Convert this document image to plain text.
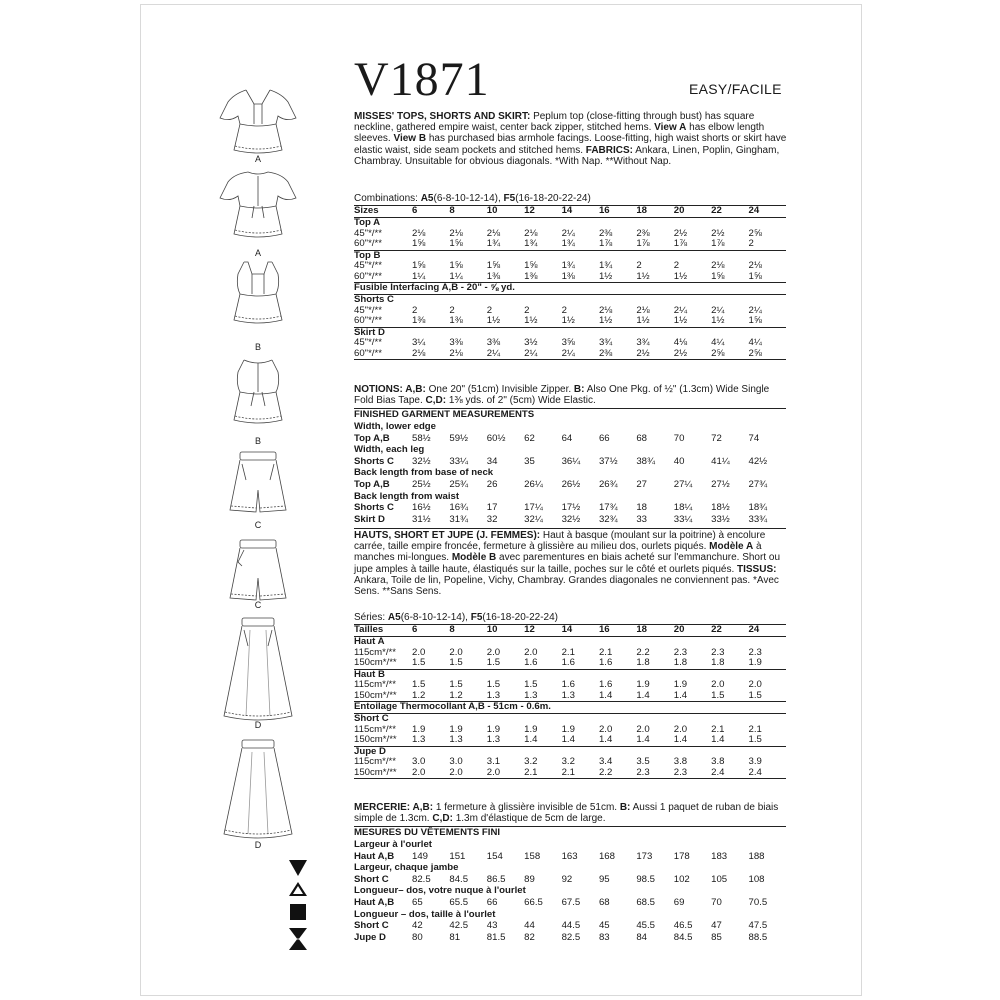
V1871	EASY/FACILE
A
A
B
B
C
C
D
D
MISSES' TOPS, SHORTS AND SKIRT: Peplum top (close-fitting through bust) has square neckline, gathered empire waist, center back zipper, stitched hems. View A has elbow length sleeves. View B has purchased bias armhole facings. Loose-fitting, high waist shorts or skirt have elastic waist, side seam pockets and stitched hems. FABRICS: Ankara, Linen, Poplin, Gingham, Chambray. Unsuitable for obvious diagonals. *With Nap. **Without Nap.
Combinations: A5(6-8-10-12-14), F5(16-18-20-22-24)
Sizes	6	8	10	12	14	16	18	20	22	24
Top A										
45"*/**	2⅛	2⅛	2⅛	2⅛	2¼	2⅜	2⅜	2½	2½	2⅝
60"*/**	1⅝	1⅝	1¾	1¾	1¾	1⅞	1⅞	1⅞	1⅞	2
Top B										
45"*/**	1⅝	1⅝	1⅝	1⅝	1¾	1¾	2	2	2⅛	2⅛
60"*/**	1¼	1¼	1⅜	1⅜	1⅜	1½	1½	1½	1⅝	1⅝
Fusible Interfacing A,B - 20" - ⅝ yd.										
Shorts C										
45"*/**	2	2	2	2	2	2⅛	2⅛	2¼	2¼	2¼
60"*/**	1⅜	1⅜	1½	1½	1½	1½	1½	1½	1½	1⅝
Skirt D										
45"*/**	3¼	3⅜	3⅜	3½	3⅝	3¾	3¾	4⅛	4¼	4¼
60"*/**	2⅛	2⅛	2¼	2¼	2¼	2⅜	2½	2½	2⅝	2⅝
NOTIONS: A,B: One 20" (51cm) Invisible Zipper. B: Also One Pkg. of ½" (1.3cm) Wide Single Fold Bias Tape. C,D: 1⅜ yds. of 2" (5cm) Wide Elastic.
FINISHED GARMENT MEASUREMENTS
Width, lower edge										
Top A,B	58½	59½	60½	62	64	66	68	70	72	74
Width, each leg										
Shorts C	32½	33¼	34	35	36¼	37½	38¾	40	41¼	42½
Back length from base of neck										
Top A,B	25½	25¾	26	26¼	26½	26¾	27	27¼	27½	27¾
Back length from waist										
Shorts C	16½	16¾	17	17¼	17½	17¾	18	18¼	18½	18¾
Skirt D	31½	31¾	32	32¼	32½	32¾	33	33¼	33½	33¾
HAUTS, SHORT ET JUPE (J. FEMMES): Haut à basque (moulant sur la poitrine) à encolure carrée, taille empire froncée, fermeture à glissière au milieu dos, ourlets piqués. Modèle A à manches mi-longues. Modèle B avec parementures en biais acheté sur l'emmanchure. Short ou jupe amples à taille haute, élastiqués sur la taille, poches sur le côté et ourlets piqués. TISSUS: Ankara, Toile de lin, Popeline, Vichy, Chambray. Grandes diagonales ne conviennent pas. *Avec Sens. **Sans Sens.
Séries: A5(6-8-10-12-14), F5(16-18-20-22-24)
Tailles	6	8	10	12	14	16	18	20	22	24
Haut A										
115cm*/**	2.0	2.0	2.0	2.0	2.1	2.1	2.2	2.3	2.3	2.3
150cm*/**	1.5	1.5	1.5	1.6	1.6	1.6	1.8	1.8	1.8	1.9
Haut B										
115cm*/**	1.5	1.5	1.5	1.5	1.6	1.6	1.9	1.9	2.0	2.0
150cm*/**	1.2	1.2	1.3	1.3	1.3	1.4	1.4	1.4	1.5	1.5
Entoilage Thermocollant A,B - 51cm - 0.6m.										
Short C										
115cm*/**	1.9	1.9	1.9	1.9	1.9	2.0	2.0	2.0	2.1	2.1
150cm*/**	1.3	1.3	1.3	1.4	1.4	1.4	1.4	1.4	1.4	1.5
Jupe D										
115cm*/**	3.0	3.0	3.1	3.2	3.2	3.4	3.5	3.8	3.8	3.9
150cm*/**	2.0	2.0	2.0	2.1	2.1	2.2	2.3	2.3	2.4	2.4
MERCERIE: A,B: 1 fermeture à glissière invisible de 51cm. B: Aussi 1 paquet de ruban de biais simple de 1.3cm. C,D: 1.3m d'élastique de 5cm de large.
MESURES DU VÊTEMENTS FINI
Largeur à l'ourlet										
Haut A,B	149	151	154	158	163	168	173	178	183	188
Largeur, chaque jambe										
Short C	82.5	84.5	86.5	89	92	95	98.5	102	105	108
Longueur– dos, votre nuque à l'ourlet										
Haut A,B	65	65.5	66	66.5	67.5	68	68.5	69	70	70.5
Longueur – dos, taille à l'ourlet										
Short C	42	42.5	43	44	44.5	45	45.5	46.5	47	47.5
Jupe D	80	81	81.5	82	82.5	83	84	84.5	85	88.5
